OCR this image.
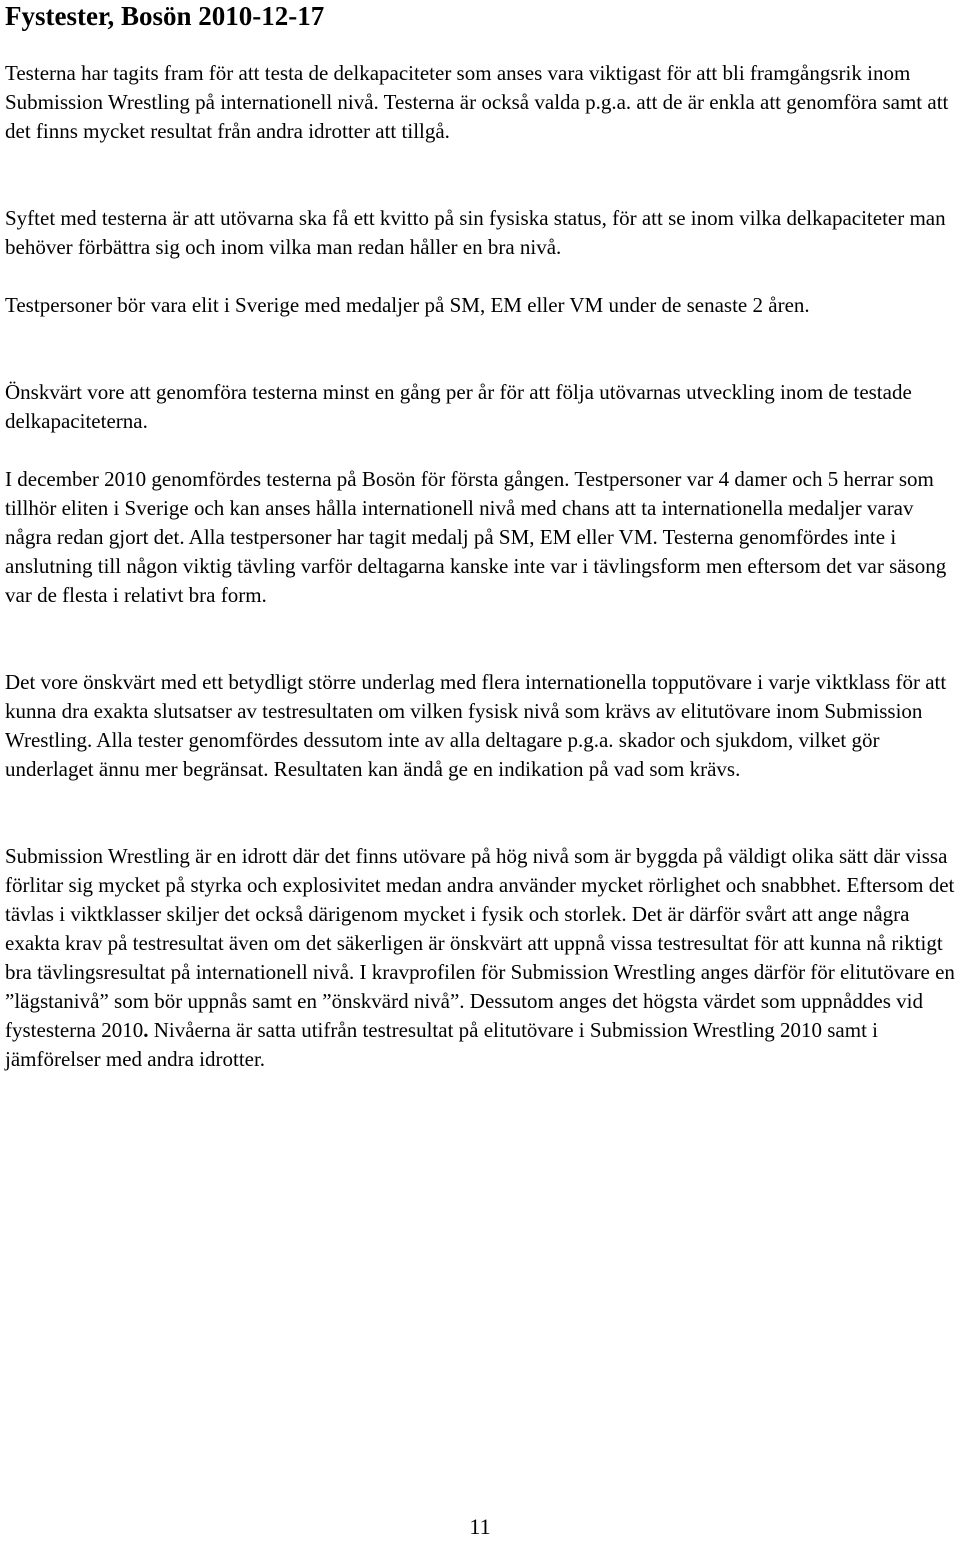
Fystester, Bosön 2010-12-17

Testerna har tagits fram för att testa de delkapaciteter som anses vara viktigast för att bli framgångsrik inom Submission Wrestling på internationell nivå. Testerna är också valda p.g.a. att de är enkla att genomföra samt att det finns mycket resultat från andra idrotter att tillgå.

Syftet med testerna är att utövarna ska få ett kvitto på sin fysiska status, för att se inom vilka delkapaciteter man behöver förbättra sig och inom vilka man redan håller en bra nivå.

Testpersoner bör vara elit i Sverige med medaljer på SM, EM eller VM under de senaste 2 åren.

Önskvärt vore att genomföra testerna minst en gång per år för att följa utövarnas utveckling inom de testade delkapaciteterna.

I december 2010 genomfördes testerna på Bosön för första gången. Testpersoner var 4 damer och 5 herrar som tillhör eliten i Sverige och kan anses hålla internationell nivå med chans att ta internationella medaljer varav några redan gjort det. Alla testpersoner har tagit medalj på SM, EM eller VM. Testerna genomfördes inte i anslutning till någon viktig tävling varför deltagarna kanske inte var i tävlingsform men eftersom det var säsong var de flesta i relativt bra form.

Det vore önskvärt med ett betydligt större underlag med flera internationella topputövare i varje viktklass för att kunna dra exakta slutsatser av testresultaten om vilken fysisk nivå som krävs av elitutövare inom Submission Wrestling. Alla tester genomfördes dessutom inte av alla deltagare p.g.a. skador och sjukdom, vilket gör underlaget ännu mer begränsat. Resultaten kan ändå ge en indikation på vad som krävs.

Submission Wrestling är en idrott där det finns utövare på hög nivå som är byggda på väldigt olika sätt där vissa förlitar sig mycket på styrka och explosivitet medan andra använder mycket rörlighet och snabbhet. Eftersom det tävlas i viktklasser skiljer det också därigenom mycket i fysik och storlek. Det är därför svårt att ange några exakta krav på testresultat även om det säkerligen är önskvärt att uppnå vissa testresultat för att kunna nå riktigt bra tävlingsresultat på internationell nivå. I kravprofilen för Submission Wrestling anges därför för elitutövare en ”lägstanivå” som bör uppnås samt en ”önskvärd nivå”. Dessutom anges det högsta värdet som uppnåddes vid fystesterna 2010. Nivåerna är satta utifrån testresultat på elitutövare i Submission Wrestling 2010 samt i jämförelser med andra idrotter.

11
